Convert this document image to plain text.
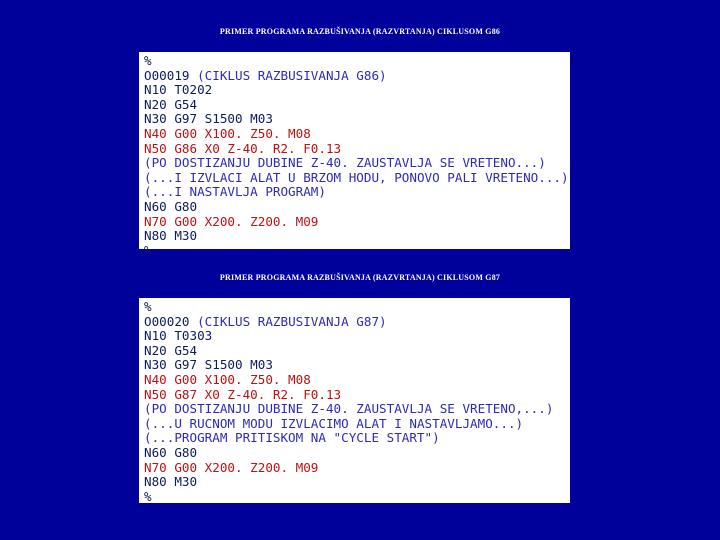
PRIMER PROGRAMA RAZBUŠIVANJA (RAZVRTANJA) CIKLUSOM G86
%
O00019 (CIKLUS RAZBUSIVANJA G86)
N10 T0202
N20 G54
N30 G97 S1500 M03
N40 G00 X100. Z50. M08
N50 G86 X0 Z-40. R2. F0.13
(PO DOSTIZANJU DUBINE Z-40. ZAUSTAVLJA SE VRETENO...)
(...I IZVLACI ALAT U BRZOM HODU, PONOVO PALI VRETENO...)
(...I NASTAVLJA PROGRAM)
N60 G80
N70 G00 X200. Z200. M09
N80 M30
%
PRIMER PROGRAMA RAZBUŠIVANJA (RAZVRTANJA) CIKLUSOM G87
%
O00020 (CIKLUS RAZBUSIVANJA G87)
N10 T0303
N20 G54
N30 G97 S1500 M03
N40 G00 X100. Z50. M08
N50 G87 X0 Z-40. R2. F0.13
(PO DOSTIZANJU DUBINE Z-40. ZAUSTAVLJA SE VRETENO,...)
(...U RUCNOM MODU IZVLACIMO ALAT I NASTAVLJAMO...)
(...PROGRAM PRITISKOM NA "CYCLE START")
N60 G80
N70 G00 X200. Z200. M09
N80 M30
%
